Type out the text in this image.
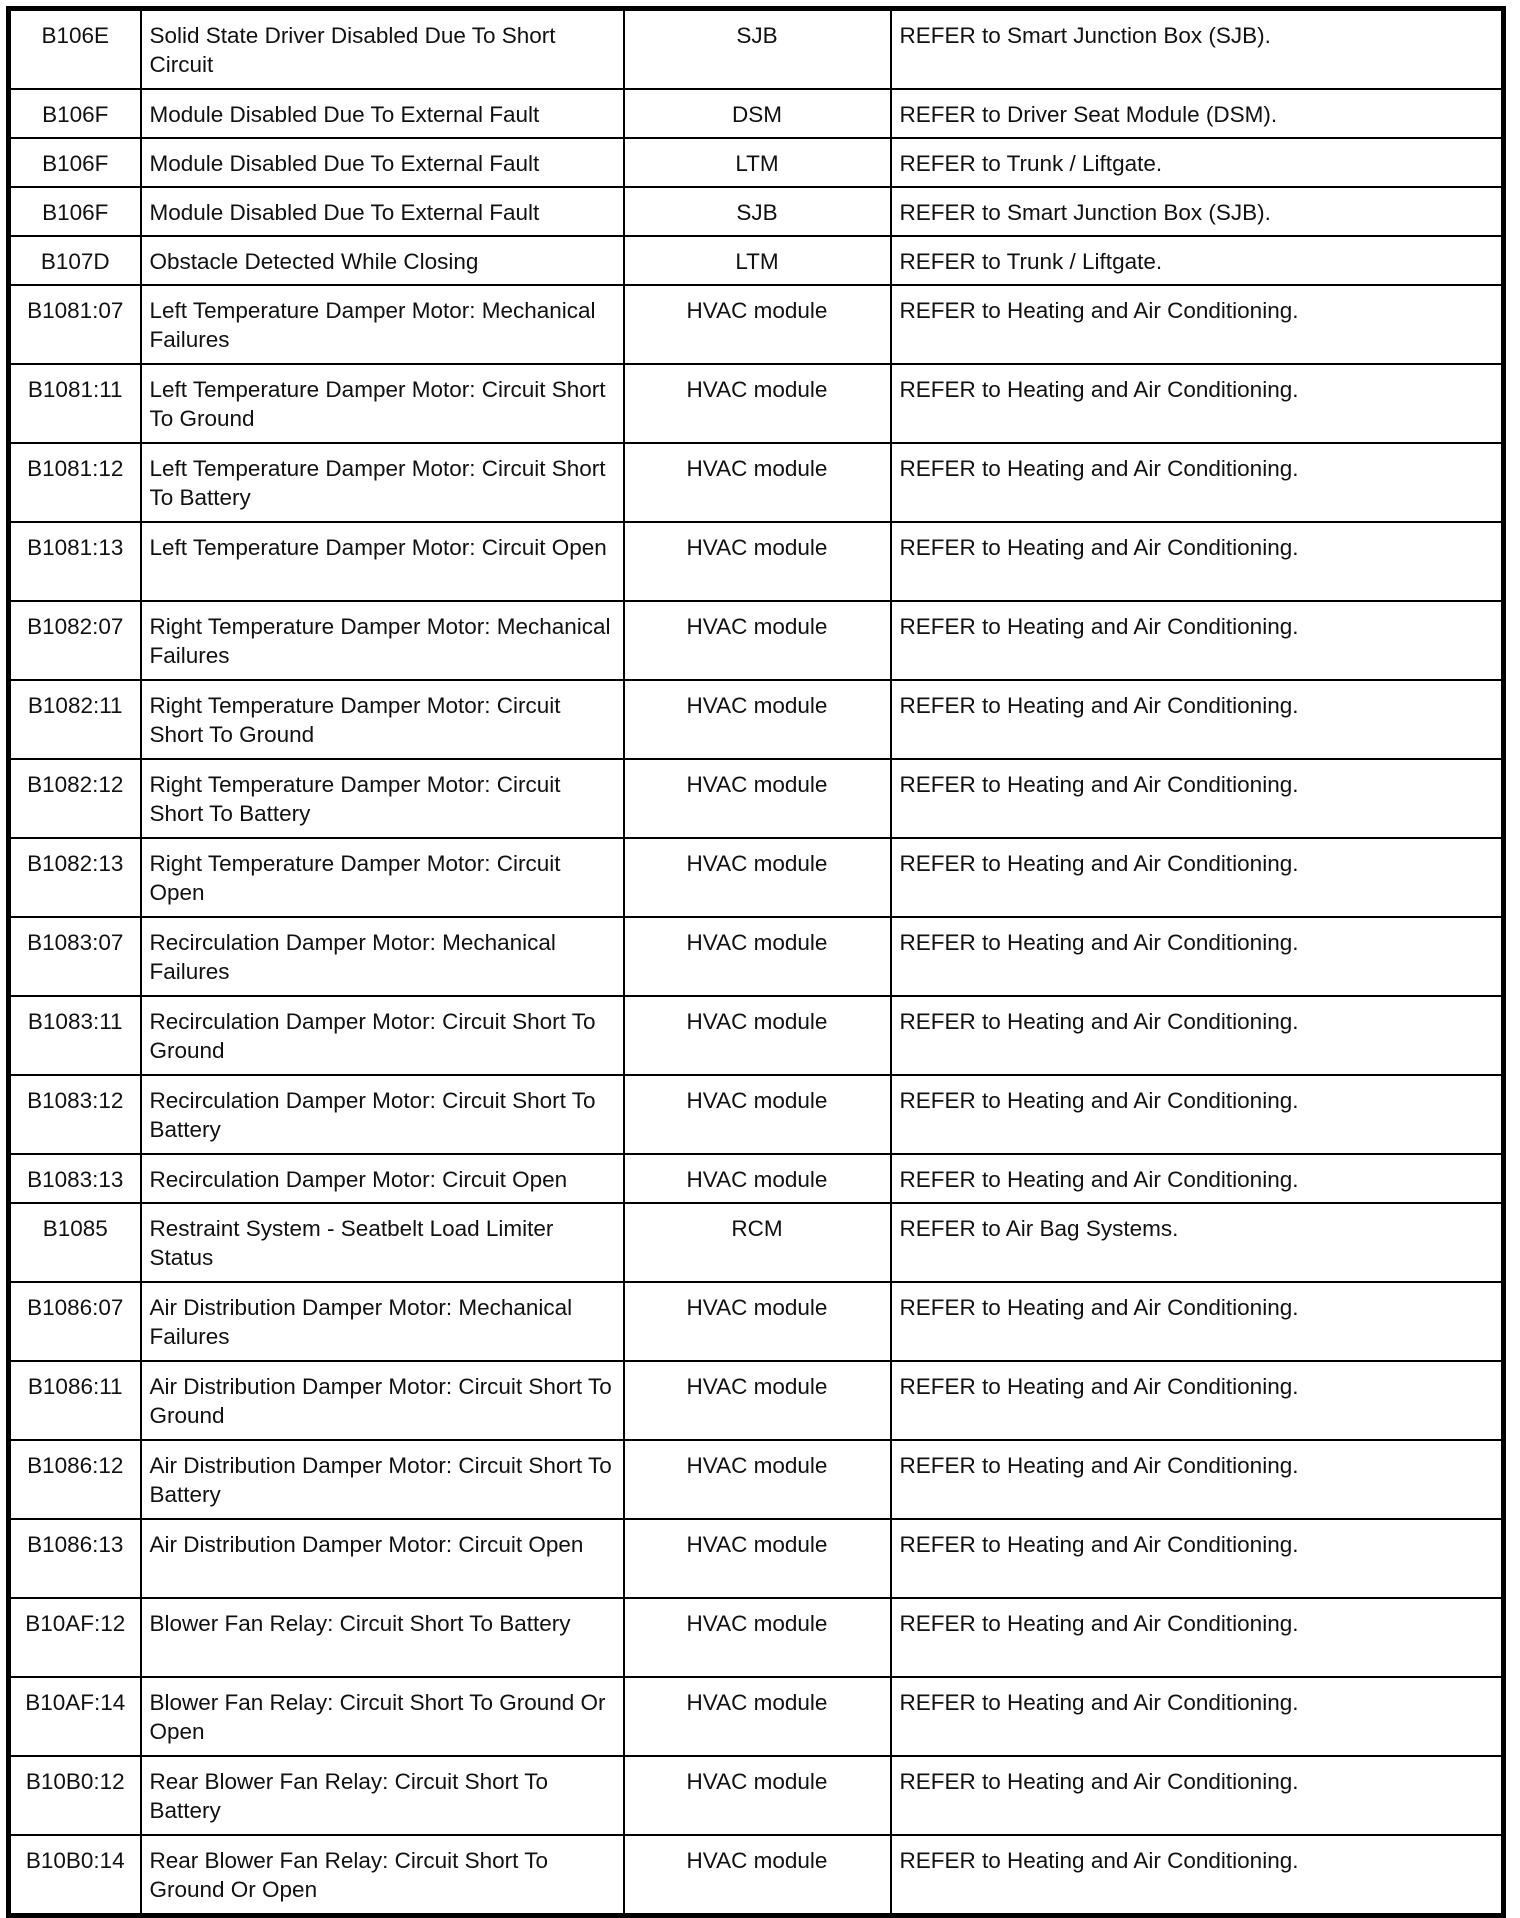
B106E	Solid State Driver Disabled Due To Short Circuit	SJB	REFER to Smart Junction Box (SJB).
B106F	Module Disabled Due To External Fault	DSM	REFER to Driver Seat Module (DSM).
B106F	Module Disabled Due To External Fault	LTM	REFER to Trunk / Liftgate.
B106F	Module Disabled Due To External Fault	SJB	REFER to Smart Junction Box (SJB).
B107D	Obstacle Detected While Closing	LTM	REFER to Trunk / Liftgate.
B1081:07	Left Temperature Damper Motor: Mechanical Failures	HVAC module	REFER to Heating and Air Conditioning.
B1081:11	Left Temperature Damper Motor: Circuit Short To Ground	HVAC module	REFER to Heating and Air Conditioning.
B1081:12	Left Temperature Damper Motor: Circuit Short To Battery	HVAC module	REFER to Heating and Air Conditioning.
B1081:13	Left Temperature Damper Motor: Circuit Open	HVAC module	REFER to Heating and Air Conditioning.
B1082:07	Right Temperature Damper Motor: Mechanical Failures	HVAC module	REFER to Heating and Air Conditioning.
B1082:11	Right Temperature Damper Motor: Circuit Short To Ground	HVAC module	REFER to Heating and Air Conditioning.
B1082:12	Right Temperature Damper Motor: Circuit Short To Battery	HVAC module	REFER to Heating and Air Conditioning.
B1082:13	Right Temperature Damper Motor: Circuit Open	HVAC module	REFER to Heating and Air Conditioning.
B1083:07	Recirculation Damper Motor: Mechanical Failures	HVAC module	REFER to Heating and Air Conditioning.
B1083:11	Recirculation Damper Motor: Circuit Short To Ground	HVAC module	REFER to Heating and Air Conditioning.
B1083:12	Recirculation Damper Motor: Circuit Short To Battery	HVAC module	REFER to Heating and Air Conditioning.
B1083:13	Recirculation Damper Motor: Circuit Open	HVAC module	REFER to Heating and Air Conditioning.
B1085	Restraint System - Seatbelt Load Limiter Status	RCM	REFER to Air Bag Systems.
B1086:07	Air Distribution Damper Motor: Mechanical Failures	HVAC module	REFER to Heating and Air Conditioning.
B1086:11	Air Distribution Damper Motor: Circuit Short To Ground	HVAC module	REFER to Heating and Air Conditioning.
B1086:12	Air Distribution Damper Motor: Circuit Short To Battery	HVAC module	REFER to Heating and Air Conditioning.
B1086:13	Air Distribution Damper Motor: Circuit Open	HVAC module	REFER to Heating and Air Conditioning.
B10AF:12	Blower Fan Relay: Circuit Short To Battery	HVAC module	REFER to Heating and Air Conditioning.
B10AF:14	Blower Fan Relay: Circuit Short To Ground Or Open	HVAC module	REFER to Heating and Air Conditioning.
B10B0:12	Rear Blower Fan Relay: Circuit Short To Battery	HVAC module	REFER to Heating and Air Conditioning.
B10B0:14	Rear Blower Fan Relay: Circuit Short To Ground Or Open	HVAC module	REFER to Heating and Air Conditioning.
